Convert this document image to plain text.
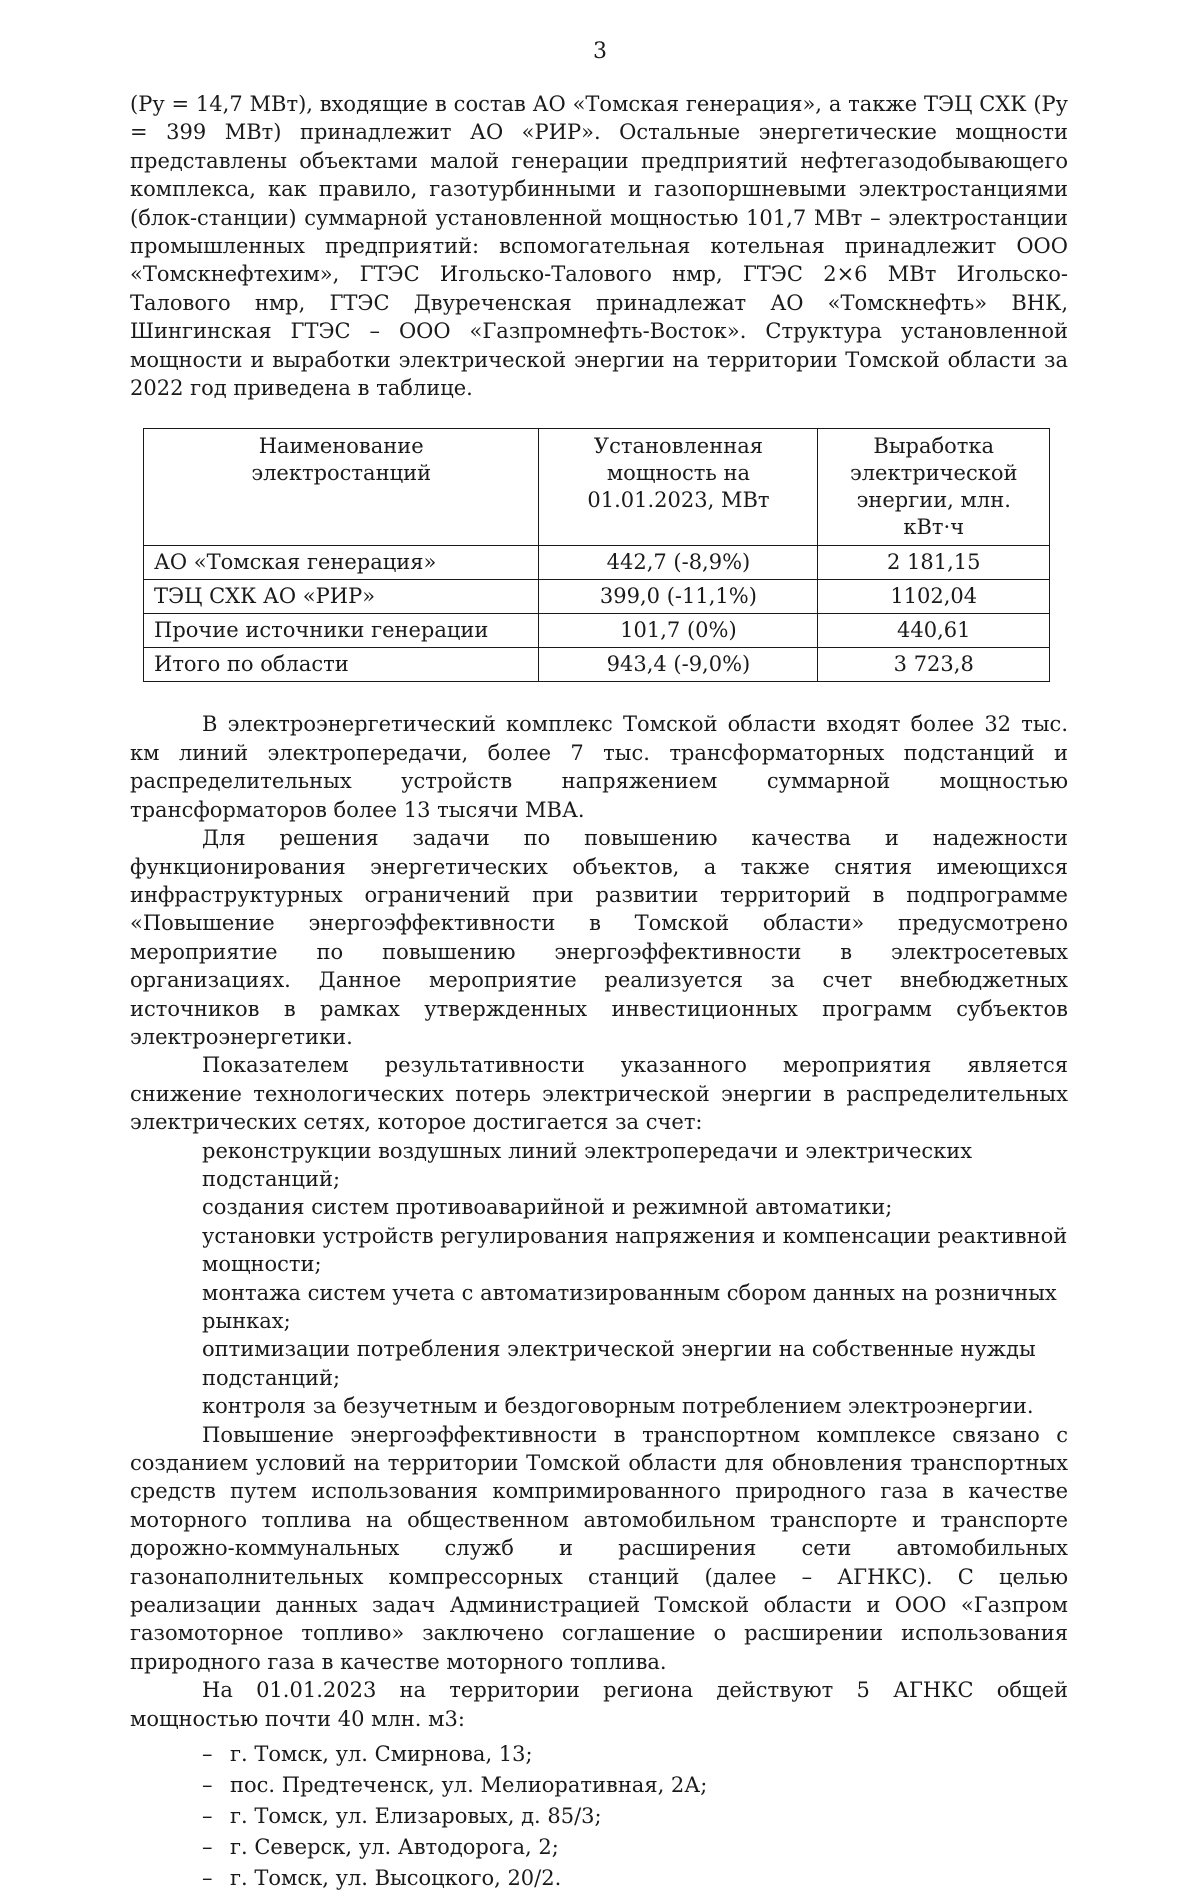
3

(Ру = 14,7 МВт), входящие в состав АО «Томская генерация», а также ТЭЦ СХК (Ру = 399 МВт) принадлежит АО «РИР». Остальные энергетические мощности представлены объектами малой генерации предприятий нефтегазодобывающего комплекса, как правило, газотурбинными и газопоршневыми электростанциями (блок-станции) суммарной установленной мощностью 101,7 МВт – электростанции промышленных предприятий: вспомогательная котельная принадлежит ООО «Томскнефтехим», ГТЭС Игольско-Талового нмр, ГТЭС 2×6 МВт Игольско-Талового нмр, ГТЭС Двуреченская принадлежат АО «Томскнефть» ВНК, Шингинская ГТЭС – ООО «Газпромнефть-Восток». Структура установленной мощности и выработки электрической энергии на территории Томской области за 2022 год приведена в таблице.

Наименование электростанций	Установленная мощность на 01.01.2023, МВт	Выработка электрической энергии, млн. кВт·ч
АО «Томская генерация»	442,7 (-8,9%)	2 181,15
ТЭЦ СХК АО «РИР»	399,0 (-11,1%)	1102,04
Прочие источники генерации	101,7 (0%)	440,61
Итого по области	943,4 (-9,0%)	3 723,8

В электроэнергетический комплекс Томской области входят более 32 тыс. км линий электропередачи, более 7 тыс. трансформаторных подстанций и распределительных устройств напряжением суммарной мощностью трансформаторов более 13 тысячи МВА.

Для решения задачи по повышению качества и надежности функционирования энергетических объектов, а также снятия имеющихся инфраструктурных ограничений при развитии территорий в подпрограмме «Повышение энергоэффективности в Томской области» предусмотрено мероприятие по повышению энергоэффективности в электросетевых организациях. Данное мероприятие реализуется за счет внебюджетных источников в рамках утвержденных инвестиционных программ субъектов электроэнергетики.

Показателем результативности указанного мероприятия является снижение технологических потерь электрической энергии в распределительных электрических сетях, которое достигается за счет:

реконструкции воздушных линий электропередачи и электрических подстанций;
создания систем противоаварийной и режимной автоматики;
установки устройств регулирования напряжения и компенсации реактивной мощности;
монтажа систем учета с автоматизированным сбором данных на розничных рынках;
оптимизации потребления электрической энергии на собственные нужды подстанций;
контроля за безучетным и бездоговорным потреблением электроэнергии.

Повышение энергоэффективности в транспортном комплексе связано с созданием условий на территории Томской области для обновления транспортных средств путем использования компримированного природного газа в качестве моторного топлива на общественном автомобильном транспорте и транспорте дорожно-коммунальных служб и расширения сети автомобильных газонаполнительных компрессорных станций (далее – АГНКС). С целью реализации данных задач Администрацией Томской области и ООО «Газпром газомоторное топливо» заключено соглашение о расширении использования природного газа в качестве моторного топлива.

На 01.01.2023 на территории региона действуют 5 АГНКС общей мощностью почти 40 млн. м3:

– г. Томск, ул. Смирнова, 13;
– пос. Предтеченск, ул. Мелиоративная, 2А;
– г. Томск, ул. Елизаровых, д. 85/3;
– г. Северск, ул. Автодорога, 2;
– г. Томск, ул. Высоцкого, 20/2.
